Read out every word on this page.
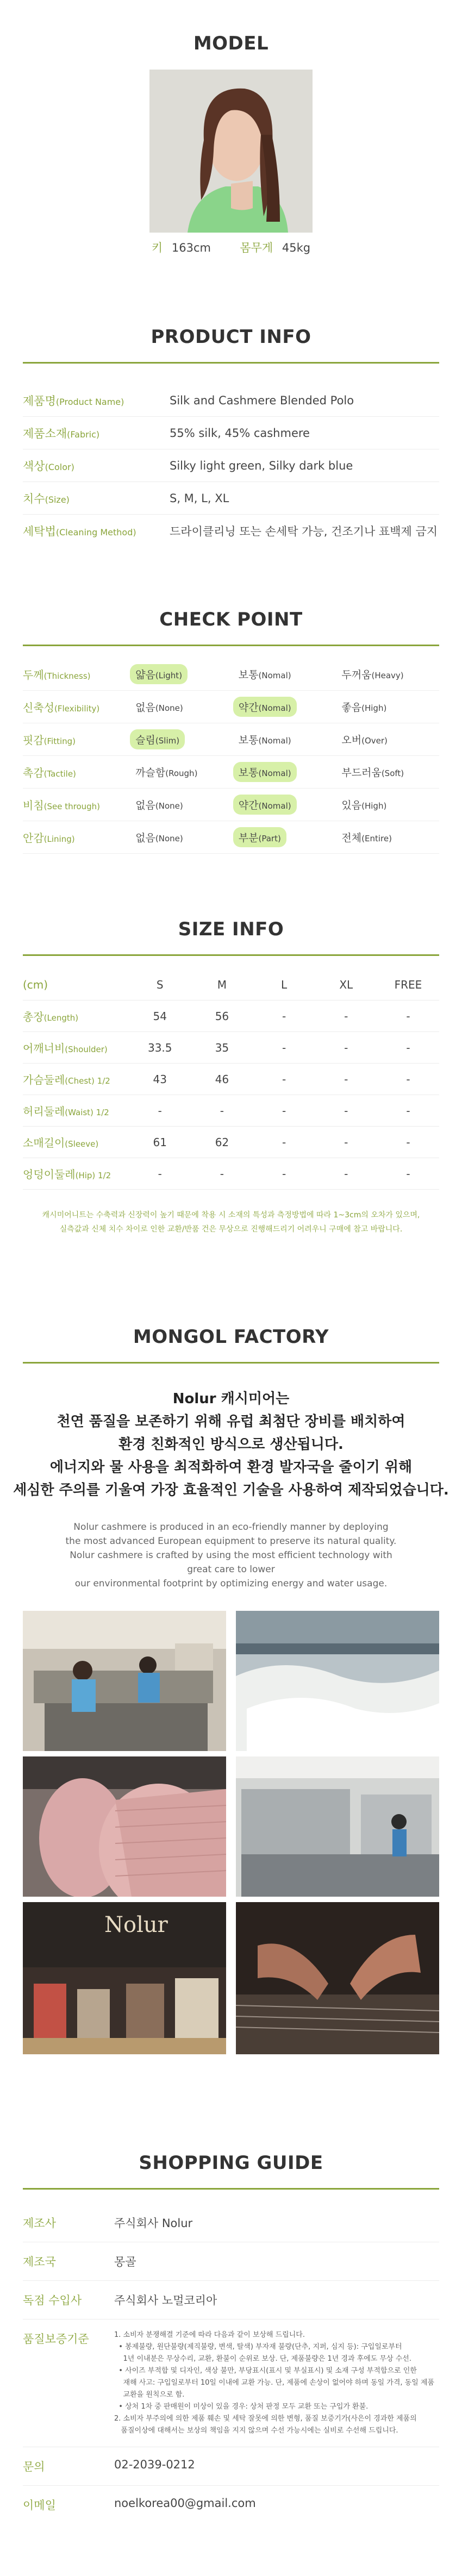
MODEL
키 163cm	몸무게 45kg
PRODUCT INFO
제품명(Product Name)	Silk and Cashmere Blended Polo
제품소재(Fabric)	55% silk, 45% cashmere
색상(Color)	Silky light green, Silky dark blue
치수(Size)	S, M, L, XL
세탁법(Cleaning Method)	드라이클리닝 또는 손세탁 가능, 건조기나 표백제 금지
CHECK POINT
두께(Thickness)	얇음(Light)	보통(Nomal)	두꺼움(Heavy)
신축성(Flexibility)	없음(None)	약간(Nomal)	좋음(High)
핏감(Fitting)	슬림(Slim)	보통(Nomal)	오버(Over)
촉감(Tactile)	까슬함(Rough)	보통(Nomal)	부드러움(Soft)
비침(See through)	없음(None)	약간(Nomal)	있음(High)
안감(Lining)	없음(None)	부분(Part)	전체(Entire)
SIZE INFO
(cm)	S	M	L	XL	FREE
총장(Length)	54	56	-	-	-
어깨너비(Shoulder)	33.5	35	-	-	-
가슴둘레(Chest) 1/2	43	46	-	-	-
허리둘레(Waist) 1/2	-	-	-	-	-
소매길이(Sleeve)	61	62	-	-	-
엉덩이둘레(Hip) 1/2	-	-	-	-	-
캐시미어니트는 수축력과 신장력이 높기 때문에 착용 시 소재의 특성과 측정방법에 따라 1~3cm의 오차가 있으며,
실측값과 신체 치수 차이로 인한 교환/반품 건은 무상으로 진행해드리기 어려우니 구매에 참고 바랍니다.
MONGOL FACTORY
Nolur 캐시미어는
천연 품질을 보존하기 위해 유럽 최첨단 장비를 배치하여
환경 친화적인 방식으로 생산됩니다.
에너지와 물 사용을 최적화하여 환경 발자국을 줄이기 위해
세심한 주의를 기울여 가장 효율적인 기술을 사용하여 제작되었습니다.
Nolur cashmere is produced in an eco-friendly manner by deploying
the most advanced European equipment to preserve its natural quality.
Nolur cashmere is crafted by using the most efficient technology with great care to lower
our environmental footprint by optimizing energy and water usage.
Nolur
SHOPPING GUIDE
제조사	주식회사 Nolur
제조국	몽골
독점 수입사	주식회사 노멀코리아
품질보증기준	1. 소비자 분쟁해결 기준에 따라 다음과 같이 보상해 드립니다.
• 봉제불량, 원단불량(제직불량, 변색, 탈색) 부자재 불량(단추, 지퍼, 심지 등): 구입일로부터
1년 이내분은 무상수리, 교환, 환불이 순위로 보상. 단, 제품불량은 1년 경과 후에도 무상 수선.
• 사이즈 부적합 및 디자인, 색상 불만, 부당표시(표시 및 부실표시) 및 소재 구성 부적합으로 인한
재해 사고: 구입일로부터 10일 이내에 교환 가능. 단, 제품에 손상이 없어야 하며 동일 가격, 동일 제품
교환을 원칙으로 함.
• 상처 1차 중 판매원이 미상이 있을 경우: 상처 판정 모두 교환 또는 구입가 환불.
2. 소비자 부주의에 의한 제품 훼손 및 세탁 잘못에 의한 변형, 품질 보증기가(사은이 경과한 제품의
품질이상에 대해서는 보상의 책임을 지지 않으며 수선 가능시에는 실비로 수선해 드립니다.
문의	02-2039-0212
이메일	noelkorea00@gmail.com
